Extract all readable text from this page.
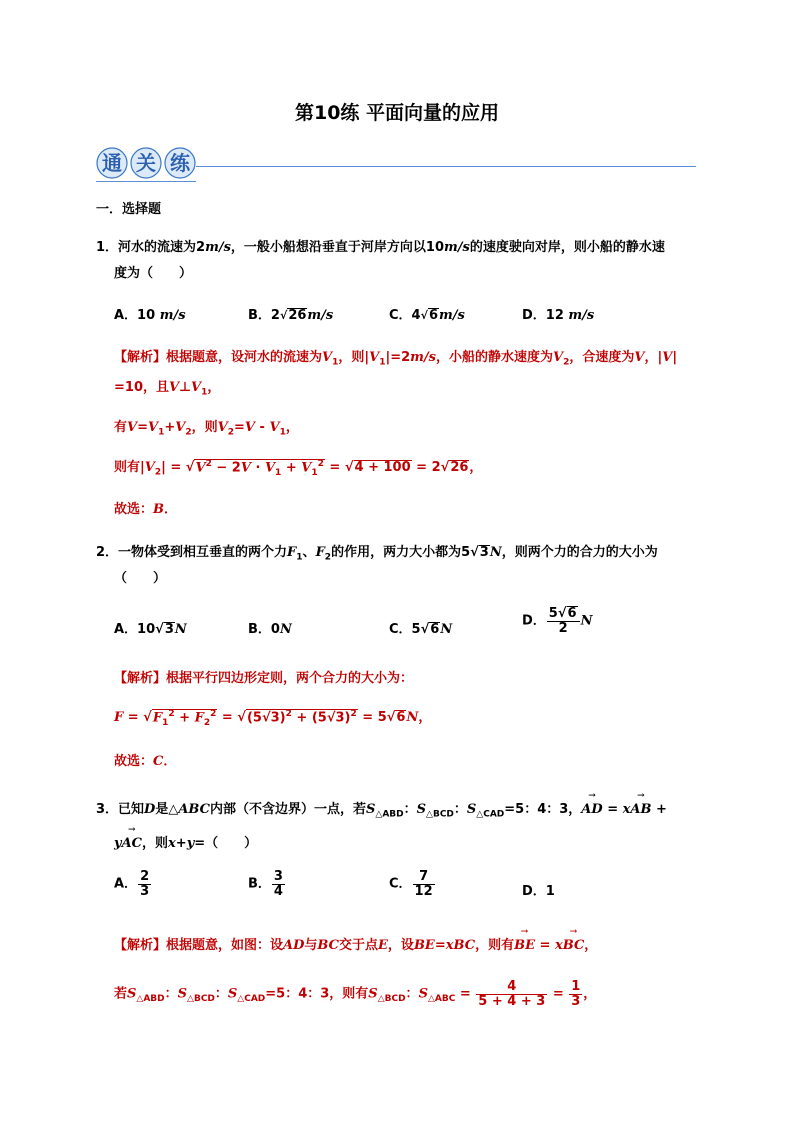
第10练 平面向量的应用
通 关 练
一．选择题
1．河水的流速为2m/s，一般小船想沿垂直于河岸方向以10m/s的速度驶向对岸，则小船的静水速
度为（　　）
A．10 m/s	B．2√26m/s	C．4√6m/s	D．12 m/s
【解析】根据题意，设河水的流速为$V_1$，则$|V_1|=2m/s$，小船的静水速度为$V_2$，合速度为V，|V|
=10，且$V\perp V_1$，
有$V=V_1+V_2$，则$V_2=V - V_1$，
则有$|V_2| = √V^2 - 2V \cdot V_1 + V_1^2 = √4 + 100 = 2√26$，
故选：B．
2．一物体受到相互垂直的两个力$F_1$、$F_2$的作用，两力大小都为5√3N，则两个力的合力的大小为
（　　）
A．10√3N	B．0N	C．5√6N
D． $\frac{5√6}{2}$ N
【解析】根据平行四边形定则，两个合力的大小为：
$F = √F_1^2 + F_2^2 = √(5√3)^2 + (5√3)^2 = 5√6N$，
故选：C．
3．已知D是△ABC内部（不含边界）一点，若$S_{\triangle ABD}$：$S_{\triangle BCD}$：$S_{\triangle CAD}=5$：4：3，→ AD = x→ AB +
y→ AC，则x+y=（　　）
A． $\frac{2}{3}$	B． $\frac{3}{4}$	C． $\frac{7}{12}$	D．1
【解析】根据题意，如图：设AD与BC交于点E，设BE=xBC，则有→ BE = x→ BC，
若$S_{\triangle ABD}$：$S_{\triangle BCD}$：$S_{\triangle CAD}=5$：4：3，则有$S_{\triangle BCD}$：$S_{\triangle ABC} = \frac{4}{5 + 4 + 3} = \frac{1}{3}$ ，
